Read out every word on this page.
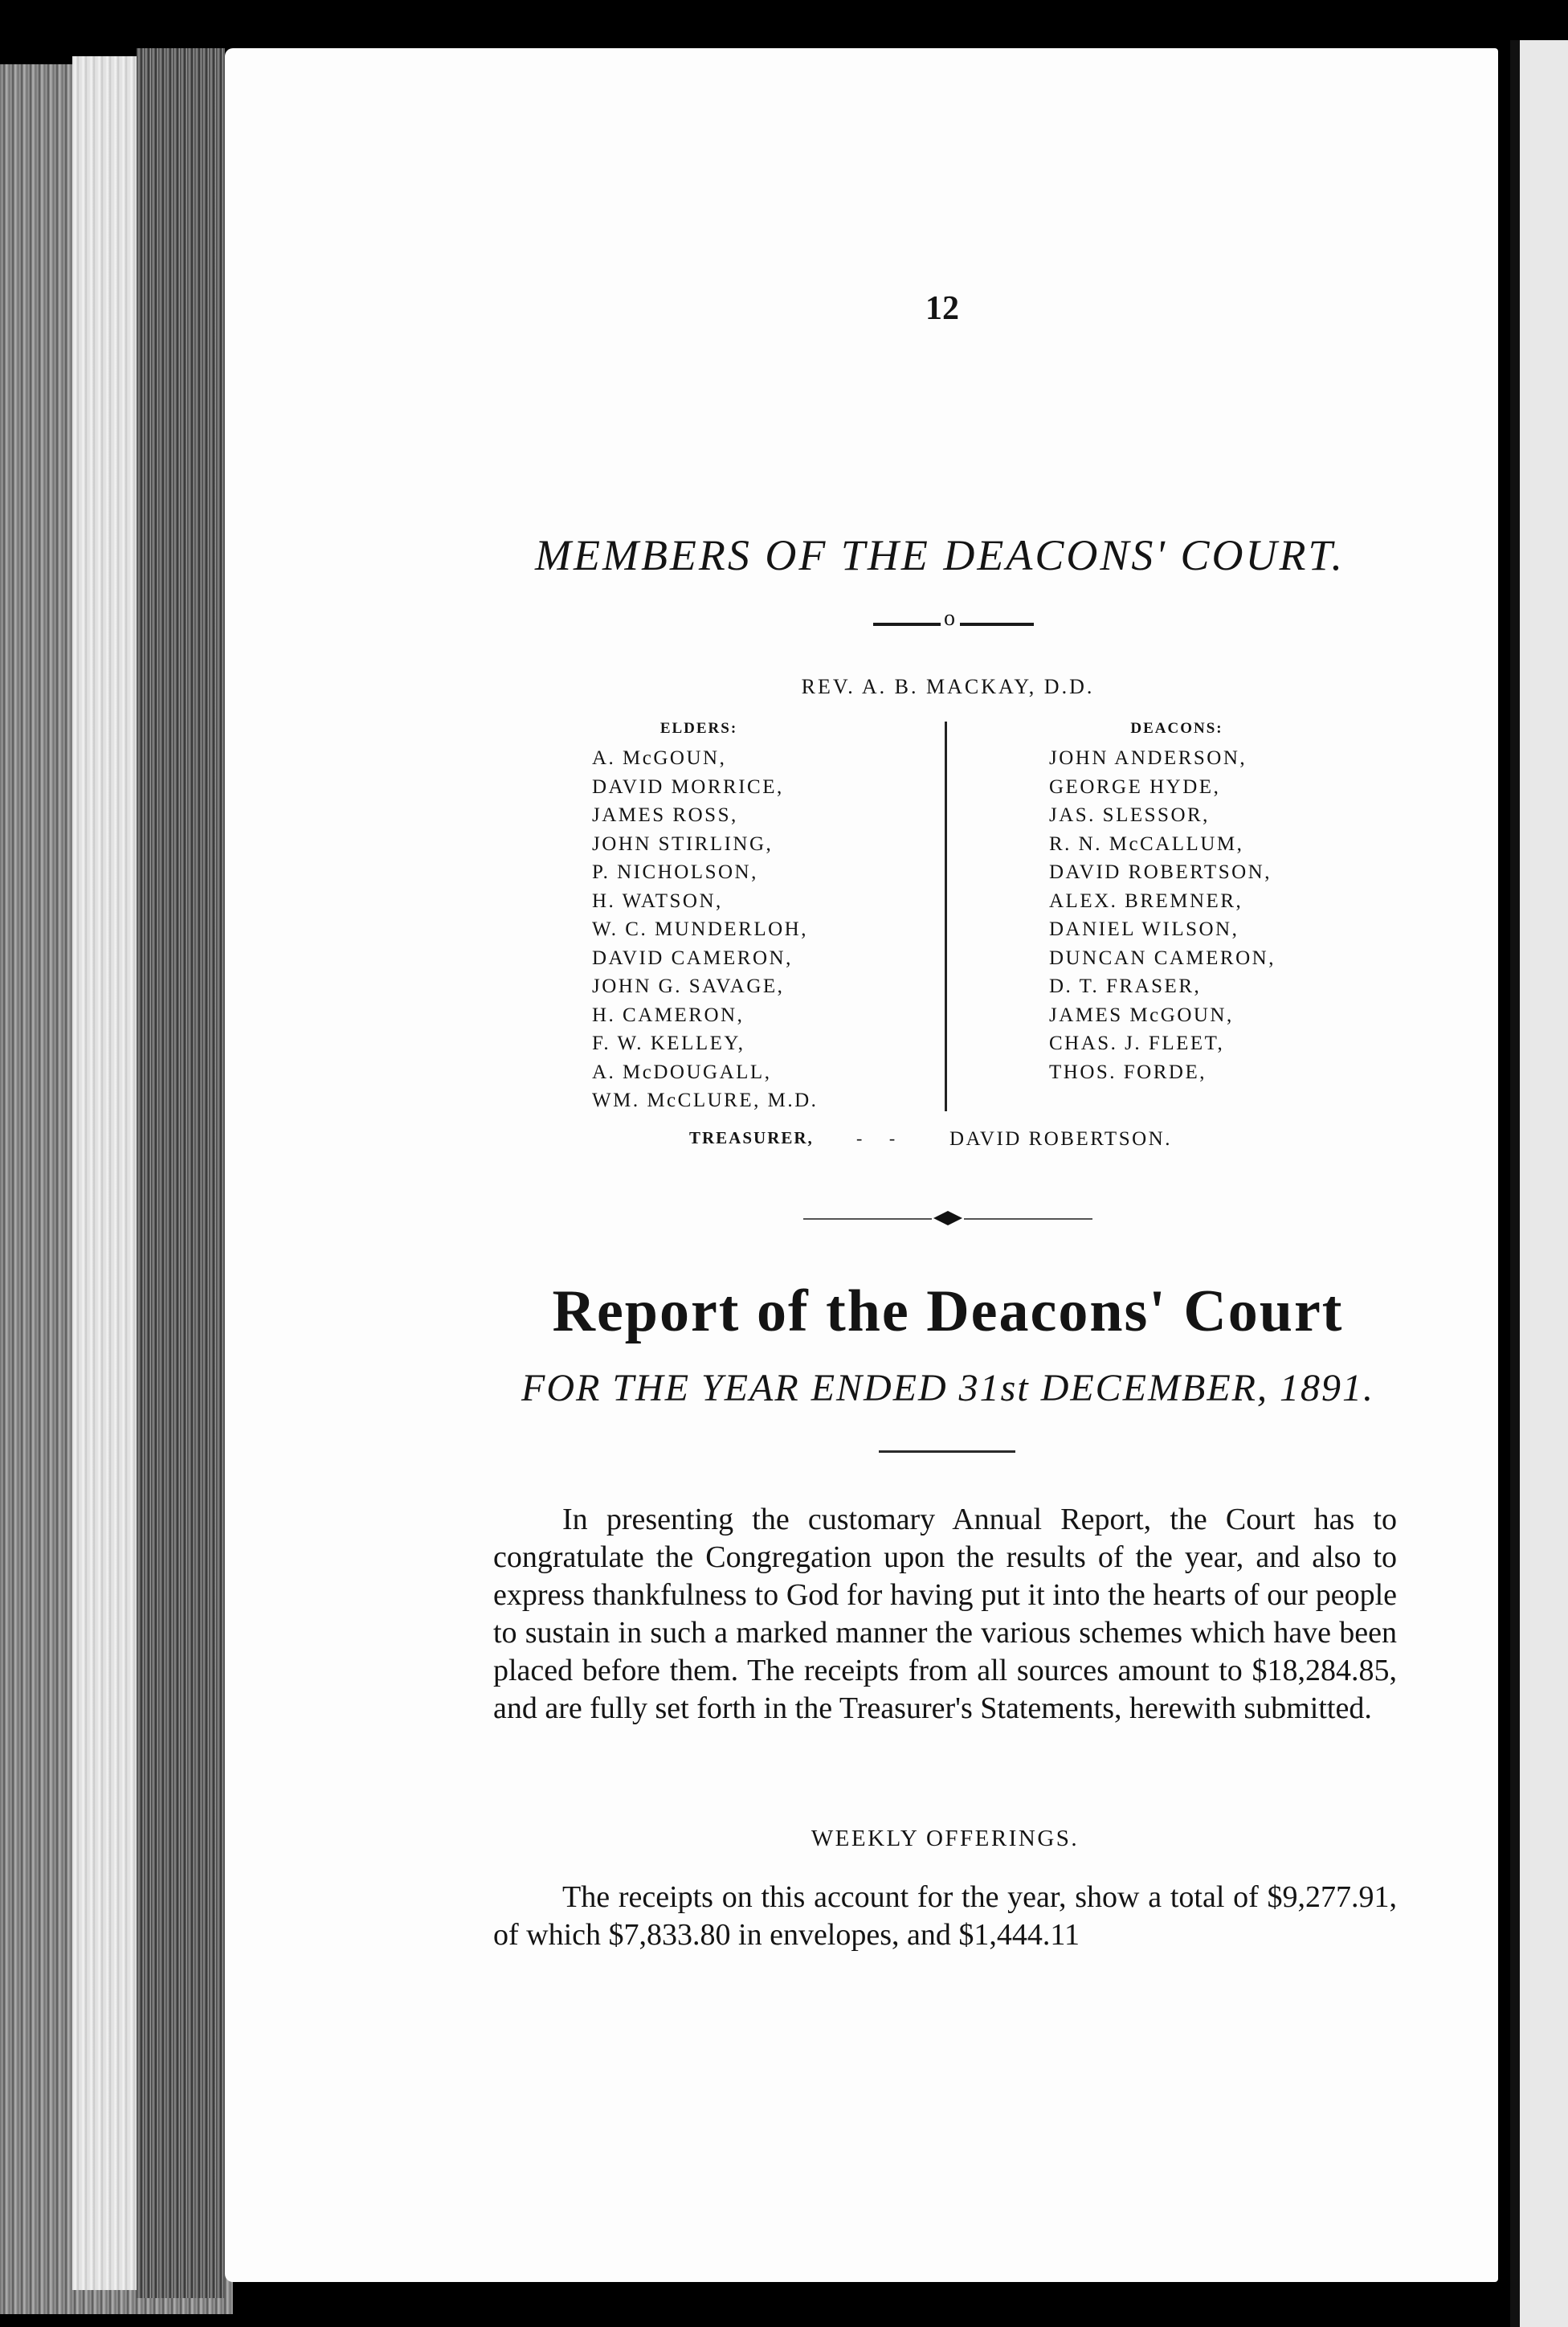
12
MEMBERS OF THE DEACONS' COURT.
o
REV. A. B. MACKAY, D.D.
ELDERS:	DEACONS:
A. McGOUN,
DAVID MORRICE,
JAMES ROSS,
JOHN STIRLING,
P. NICHOLSON,
H. WATSON,
W. C. MUNDERLOH,
DAVID CAMERON,
JOHN G. SAVAGE,
H. CAMERON,
F. W. KELLEY,
A. McDOUGALL,
WM. McCLURE, M.D.
JOHN ANDERSON,
GEORGE HYDE,
JAS. SLESSOR,
R. N. McCALLUM,
DAVID ROBERTSON,
ALEX. BREMNER,
DANIEL WILSON,
DUNCAN CAMERON,
D. T. FRASER,
JAMES McGOUN,
CHAS. J. FLEET,
THOS. FORDE,
TREASURER, - - DAVID ROBERTSON.
Report of the Deacons' Court
FOR THE YEAR ENDED 31st DECEMBER, 1891.
In presenting the customary Annual Report, the Court has to congratulate the Congregation upon the results of the year, and also to express thankfulness to God for having put it into the hearts of our people to sustain in such a marked manner the various schemes which have been placed before them. The receipts from all sources amount to $18,284.85, and are fully set forth in the Treasurer's Statements, herewith submitted.
WEEKLY OFFERINGS.
The receipts on this account for the year, show a total of $9,277.91, of which $7,833.80 in envelopes, and $1,444.11
